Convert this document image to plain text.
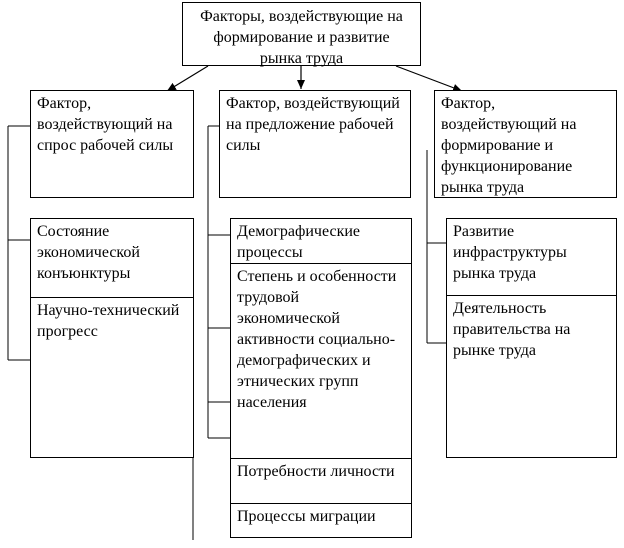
Факторы, воздействующие на формирование и развитие рынка труда
Фактор, воздействующий на спрос рабочей силы
Фактор, воздействующий на предложение рабочей силы
Фактор, воздействующий на формирование и функционирование рынка труда
Состояние экономической конъюнктуры
Научно-технический прогресс
Демографические процессы
Степень и особенности трудовой экономической активности социально-демографических и этнических групп населения
Потребности личности
Процессы миграции
Развитие инфраструктуры рынка труда
Деятельность правительства на рынке труда
